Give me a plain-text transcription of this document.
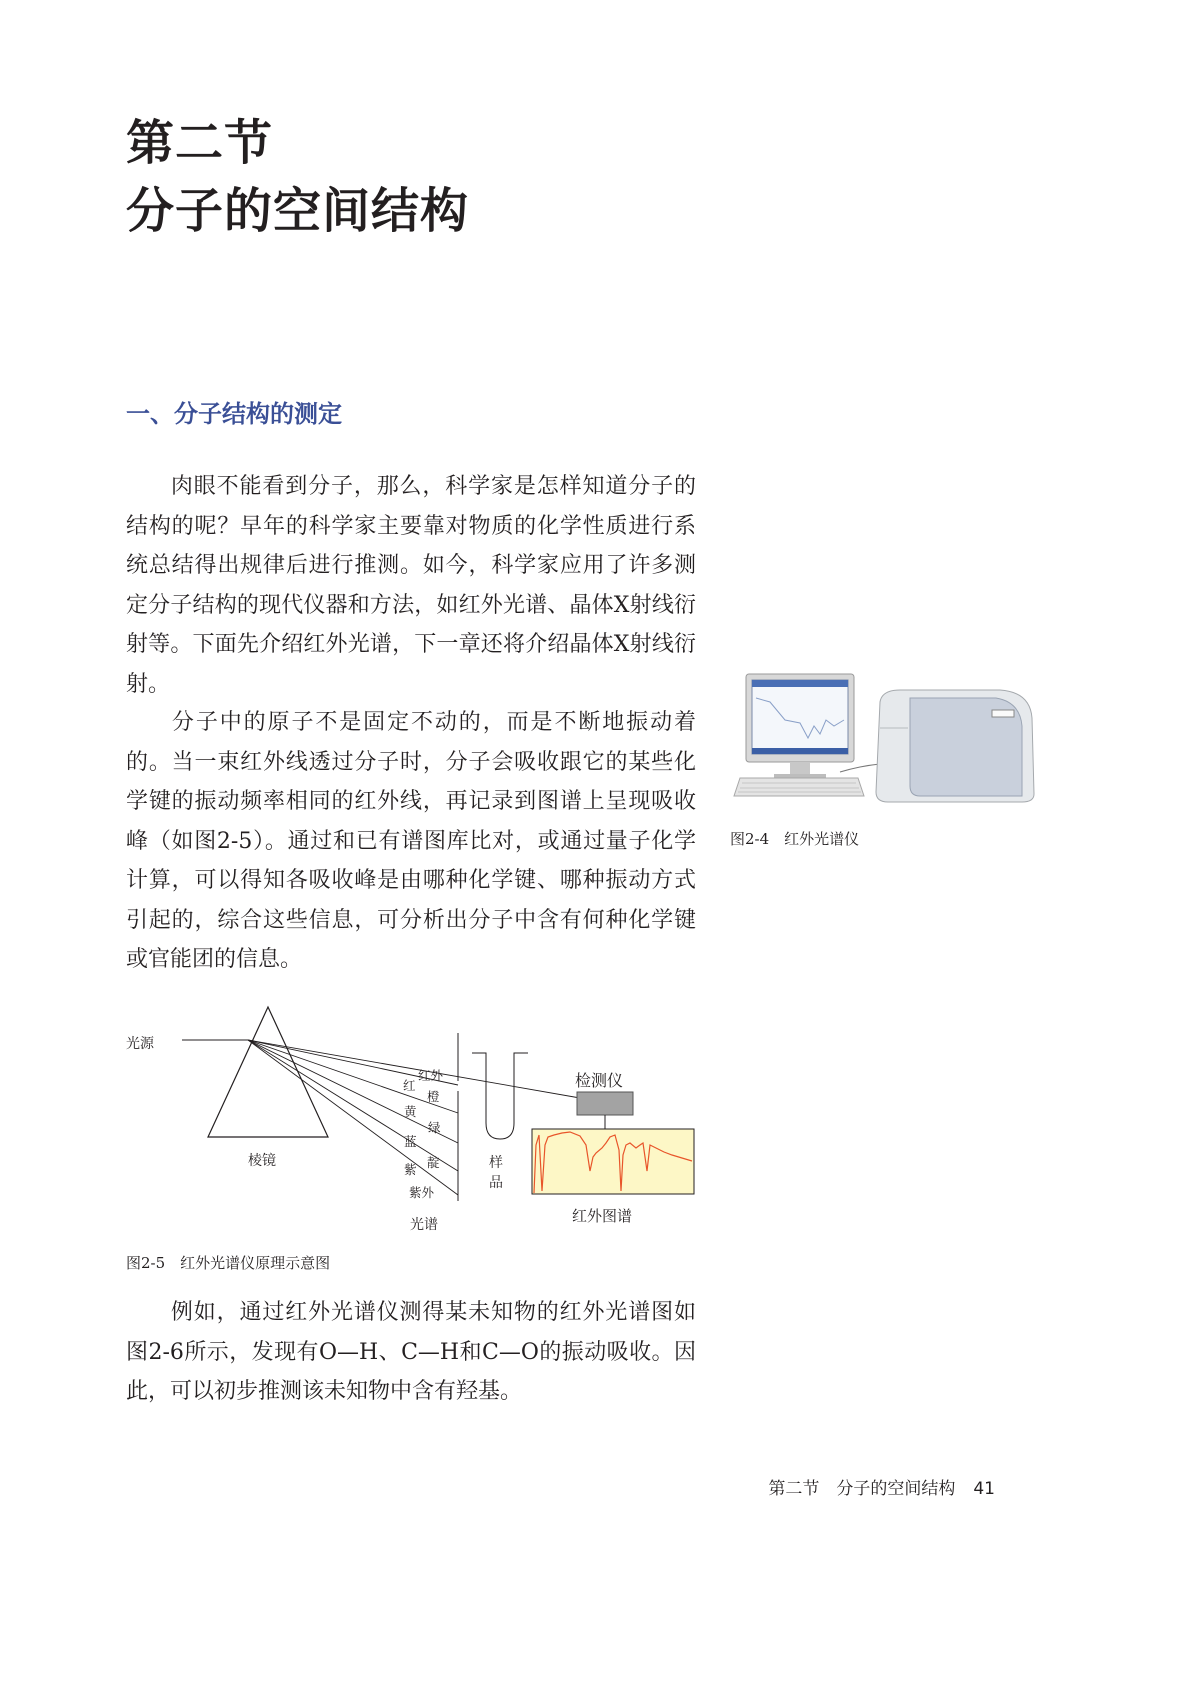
第二节
分子的空间结构
一、分子结构的测定
肉眼不能看到分子，那么，科学家是怎样知道分子的结构的呢？早年的科学家主要靠对物质的化学性质进行系统总结得出规律后进行推测。如今，科学家应用了许多测定分子结构的现代仪器和方法，如红外光谱、晶体X射线衍射等。下面先介绍红外光谱，下一章还将介绍晶体X射线衍射。
分子中的原子不是固定不动的，而是不断地振动着的。当一束红外线透过分子时，分子会吸收跟它的某些化学键的振动频率相同的红外线，再记录到图谱上呈现吸收峰（如图2-5）。通过和已有谱图库比对，或通过量子化学计算，可以得知各吸收峰是由哪种化学键、哪种振动方式引起的，综合这些信息，可分析出分子中含有何种化学键或官能团的信息。
图2-4　红外光谱仪
光源
棱镜
红外
红
橙
黄
绿
蓝
靛
紫
紫外
光谱
样品
检测仪
红外图谱
图2-5　红外光谱仪原理示意图
例如，通过红外光谱仪测得某未知物的红外光谱图如图2-6所示，发现有O—H、C—H和C—O的振动吸收。因此，可以初步推测该未知物中含有羟基。
第二节　分子的空间结构 41
